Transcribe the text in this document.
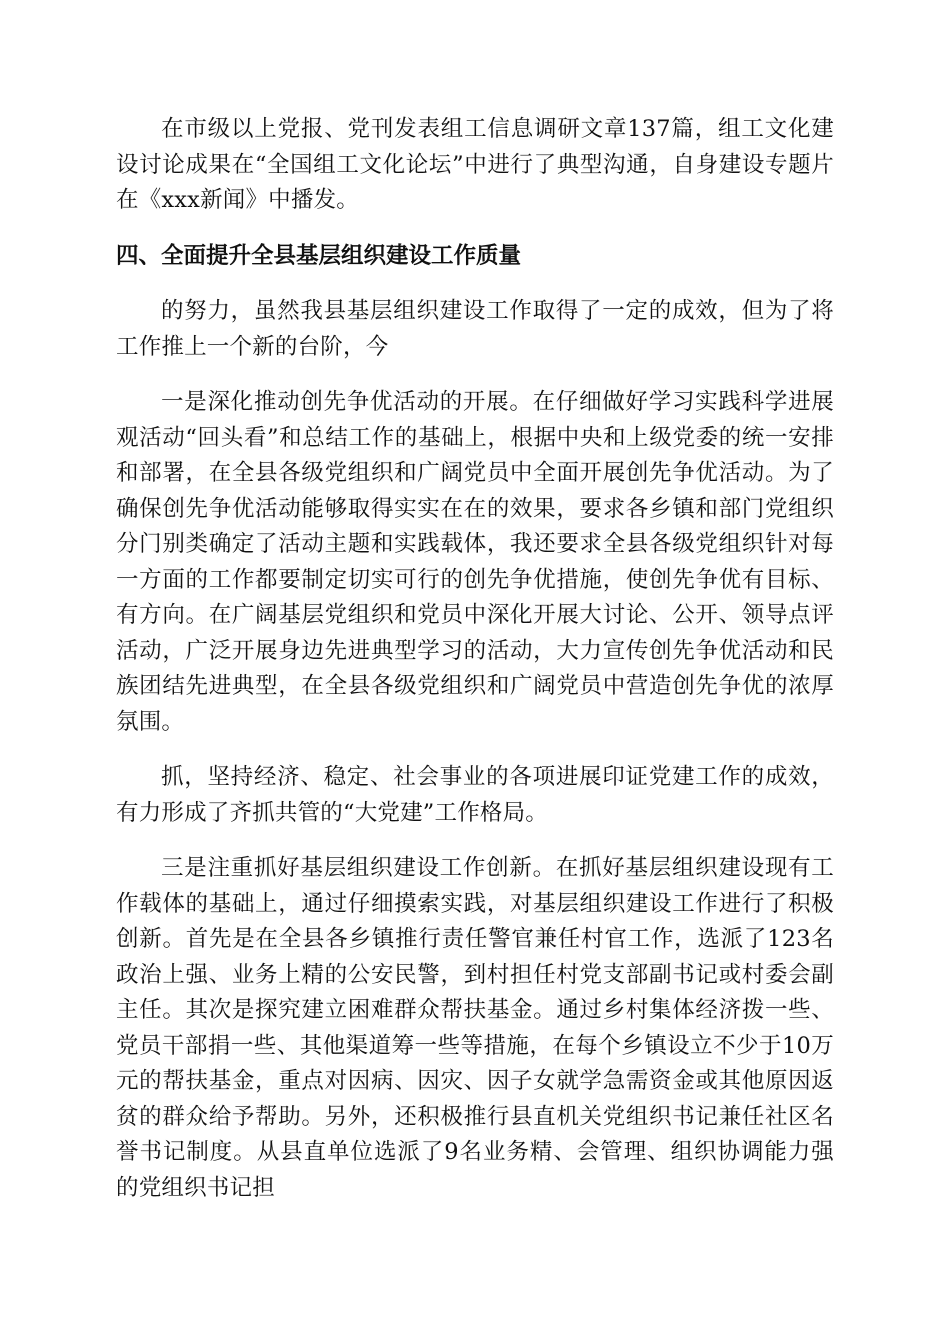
在市级以上党报、党刊发表组工信息调研文章137篇，组工文化建设讨论成果在“全国组工文化论坛”中进行了典型沟通，自身建设专题片在《xxx新闻》中播发。

四、全面提升全县基层组织建设工作质量

的努力，虽然我县基层组织建设工作取得了一定的成效，但为了将工作推上一个新的台阶，今

一是深化推动创先争优活动的开展。在仔细做好学习实践科学进展观活动“回头看”和总结工作的基础上，根据中央和上级党委的统一安排和部署，在全县各级党组织和广阔党员中全面开展创先争优活动。为了确保创先争优活动能够取得实实在在的效果，要求各乡镇和部门党组织分门别类确定了活动主题和实践载体，我还要求全县各级党组织针对每一方面的工作都要制定切实可行的创先争优措施，使创先争优有目标、有方向。在广阔基层党组织和党员中深化开展大讨论、公开、领导点评活动，广泛开展身边先进典型学习的活动，大力宣传创先争优活动和民族团结先进典型，在全县各级党组织和广阔党员中营造创先争优的浓厚氛围。

抓，坚持经济、稳定、社会事业的各项进展印证党建工作的成效，有力形成了齐抓共管的“大党建”工作格局。

三是注重抓好基层组织建设工作创新。在抓好基层组织建设现有工作载体的基础上，通过仔细摸索实践，对基层组织建设工作进行了积极创新。首先是在全县各乡镇推行责任警官兼任村官工作，选派了123名政治上强、业务上精的公安民警，到村担任村党支部副书记或村委会副主任。其次是探究建立困难群众帮扶基金。通过乡村集体经济拨一些、党员干部捐一些、其他渠道筹一些等措施，在每个乡镇设立不少于10万元的帮扶基金，重点对因病、因灾、因子女就学急需资金或其他原因返贫的群众给予帮助。另外，还积极推行县直机关党组织书记兼任社区名誉书记制度。从县直单位选派了9名业务精、会管理、组织协调能力强的党组织书记担
